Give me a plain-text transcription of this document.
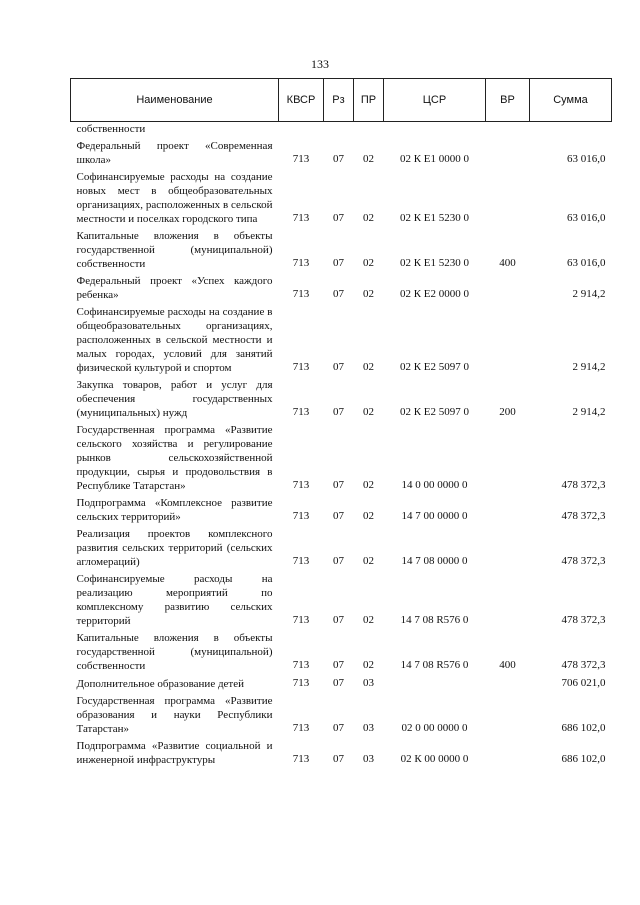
133
Наименование	КВСР	Рз	ПР	ЦСР	ВР	Сумма
собственности						
Федеральный проект «Современная школа»	713	07	02	02 К Е1 0000 0		63 016,0
Софинансируемые расходы на создание новых мест в общеобразовательных организациях, расположенных в сельской местности и поселках городского типа	713	07	02	02 К Е1 5230 0		63 016,0
Капитальные вложения в объекты государственной (муниципальной) собственности	713	07	02	02 К Е1 5230 0	400	63 016,0
Федеральный проект «Успех каждого ребенка»	713	07	02	02 К Е2 0000 0		2 914,2
Софинансируемые расходы на создание в общеобразовательных организациях, расположенных в сельской местности и малых городах, условий для занятий физической культурой и спортом	713	07	02	02 К Е2 5097 0		2 914,2
Закупка товаров, работ и услуг для обеспечения государственных (муниципальных) нужд	713	07	02	02 К Е2 5097 0	200	2 914,2
Государственная программа «Развитие сельского хозяйства и регулирование рынков сельскохозяйственной продукции, сырья и продовольствия в Республике Татарстан»	713	07	02	14 0 00 0000 0		478 372,3
Подпрограмма «Комплексное развитие сельских территорий»	713	07	02	14 7 00 0000 0		478 372,3
Реализация проектов комплексного развития сельских территорий (сельских агломераций)	713	07	02	14 7 08 0000 0		478 372,3
Софинансируемые расходы на реализацию мероприятий по комплексному развитию сельских территорий	713	07	02	14 7 08 R576 0		478 372,3
Капитальные вложения в объекты государственной (муниципальной) собственности	713	07	02	14 7 08 R576 0	400	478 372,3
Дополнительное образование детей	713	07	03			706 021,0
Государственная программа «Развитие образования и науки Республики Татарстан»	713	07	03	02 0 00 0000 0		686 102,0
Подпрограмма «Развитие социальной и инженерной инфраструктуры	713	07	03	02 К 00 0000 0		686 102,0
